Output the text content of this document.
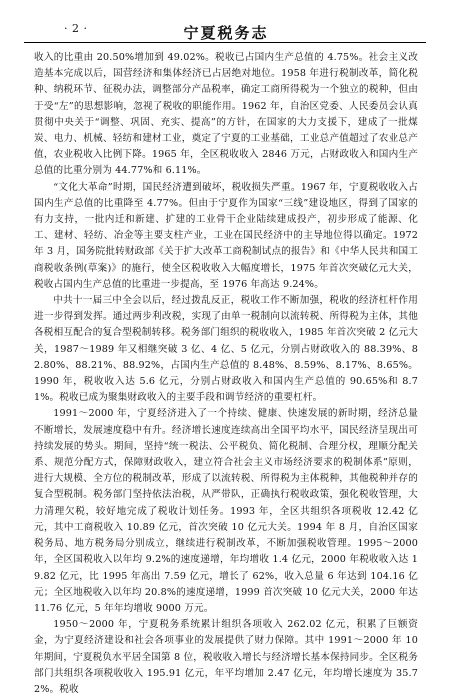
· 2 ·	宁夏税务志

收入的比重由 20.50%增加到 49.02%。税收已占国内生产总值的 4.75%。社会主义改造基本完成以后，国营经济和集体经济已占居绝对地位。1958 年进行税制改革，简化税种、纳税环节、征税办法，调整部分产品税率，确定工商所得税为一个独立的税种，但由于受“左”的思想影响，忽视了税收的职能作用。1962 年，自治区党委、人民委员会认真贯彻中央关于“调整、巩固、充实、提高”的方针，在国家的大力支援下，建成了一批煤炭、电力、机械、轻纺和建材工业，奠定了宁夏的工业基础，工业总产值超过了农业总产值，农业税收入比例下降。1965 年，全区税收收入 2846 万元，占财政收入和国内生产总值的比重分别为 44.77%和 6.11%。

“文化大革命”时期，国民经济遭到破坏，税收损失严重。1967 年，宁夏税收收入占国内生产总值的比重降至 4.77%。但由于宁夏作为国家“三线”建设地区，得到了国家的有力支持，一批内迁和新建、扩建的工业骨干企业陆续建成投产，初步形成了能源、化工、建材、轻纺、冶金等主要支柱产业，工业在国民经济中的主导地位得以确定。1972 年 3 月，国务院批转财政部《关于扩大改革工商税制试点的报告》和《中华人民共和国工商税收条例(草案)》的施行，使全区税收收入大幅度增长，1975 年首次突破亿元大关，税收占国内生产总值的比重进一步提高，至 1976 年高达 9.24%。

中共十一届三中全会以后，经过拨乱反正，税收工作不断加强，税收的经济杠杆作用进一步得到发挥。通过两步利改税，实现了由单一税制向以流转税、所得税为主体，其他各税相互配合的复合型税制转移。税务部门组织的税收收入，1985 年首次突破 2 亿元大关，1987～1989 年又相继突破 3 亿、4 亿、5 亿元，分别占财政收入的 88.39%、82.80%、88.21%、88.92%，占国内生产总值的 8.48%、8.59%、8.17%、8.65%。1990 年，税收收入达 5.6 亿元，分别占财政收入和国内生产总值的 90.65%和 8.71%。税收已成为聚集财政收入的主要手段和调节经济的重要杠杆。

1991～2000 年，宁夏经济进入了一个持续、健康、快速发展的新时期，经济总量不断增长，发展速度稳中有升。经济增长速度连续高出全国平均水平，国民经济呈现出可持续发展的势头。期间，坚持“统一税法、公平税负、简化税制、合理分权，理顺分配关系、规范分配方式，保障财政收入，建立符合社会主义市场经济要求的税制体系”原则，进行大规模、全方位的税制改革，形成了以流转税、所得税为主体税种，其他税种并存的复合型税制。税务部门坚持依法治税，从严带队，正确执行税收政策，强化税收管理，大力清理欠税，较好地完成了税收计划任务。1993 年，全区共组织各项税收 12.42 亿元，其中工商税收入 10.89 亿元，首次突破 10 亿元大关。1994 年 8 月，自治区国家税务局、地方税务局分别成立，继续进行税制改革，不断加强税收管理。1995～2000 年，全区国税收入以年均 9.2%的速度递增，年均增收 1.4 亿元，2000 年税收收入达 19.82 亿元，比 1995 年高出 7.59 亿元，增长了 62%，收入总量 6 年达到 104.16 亿元；全区地税收入以年均 20.8%的速度递增，1999 首次突破 10 亿元大关，2000 年达 11.76 亿元，5 年年均增收 9000 万元。

1950～2000 年，宁夏税务系统累计组织各项收入 262.02 亿元，积累了巨额资金，为宁夏经济建设和社会各项事业的发展提供了财力保障。其中 1991～2000 年 10 年期间，宁夏税负水平居全国第 8 位，税收收入增长与经济增长基本保持同步。全区税务部门共组织各项税收收入 195.91 亿元，年平均增加 2.47 亿元，年均增长速度为 35.72%。税收
